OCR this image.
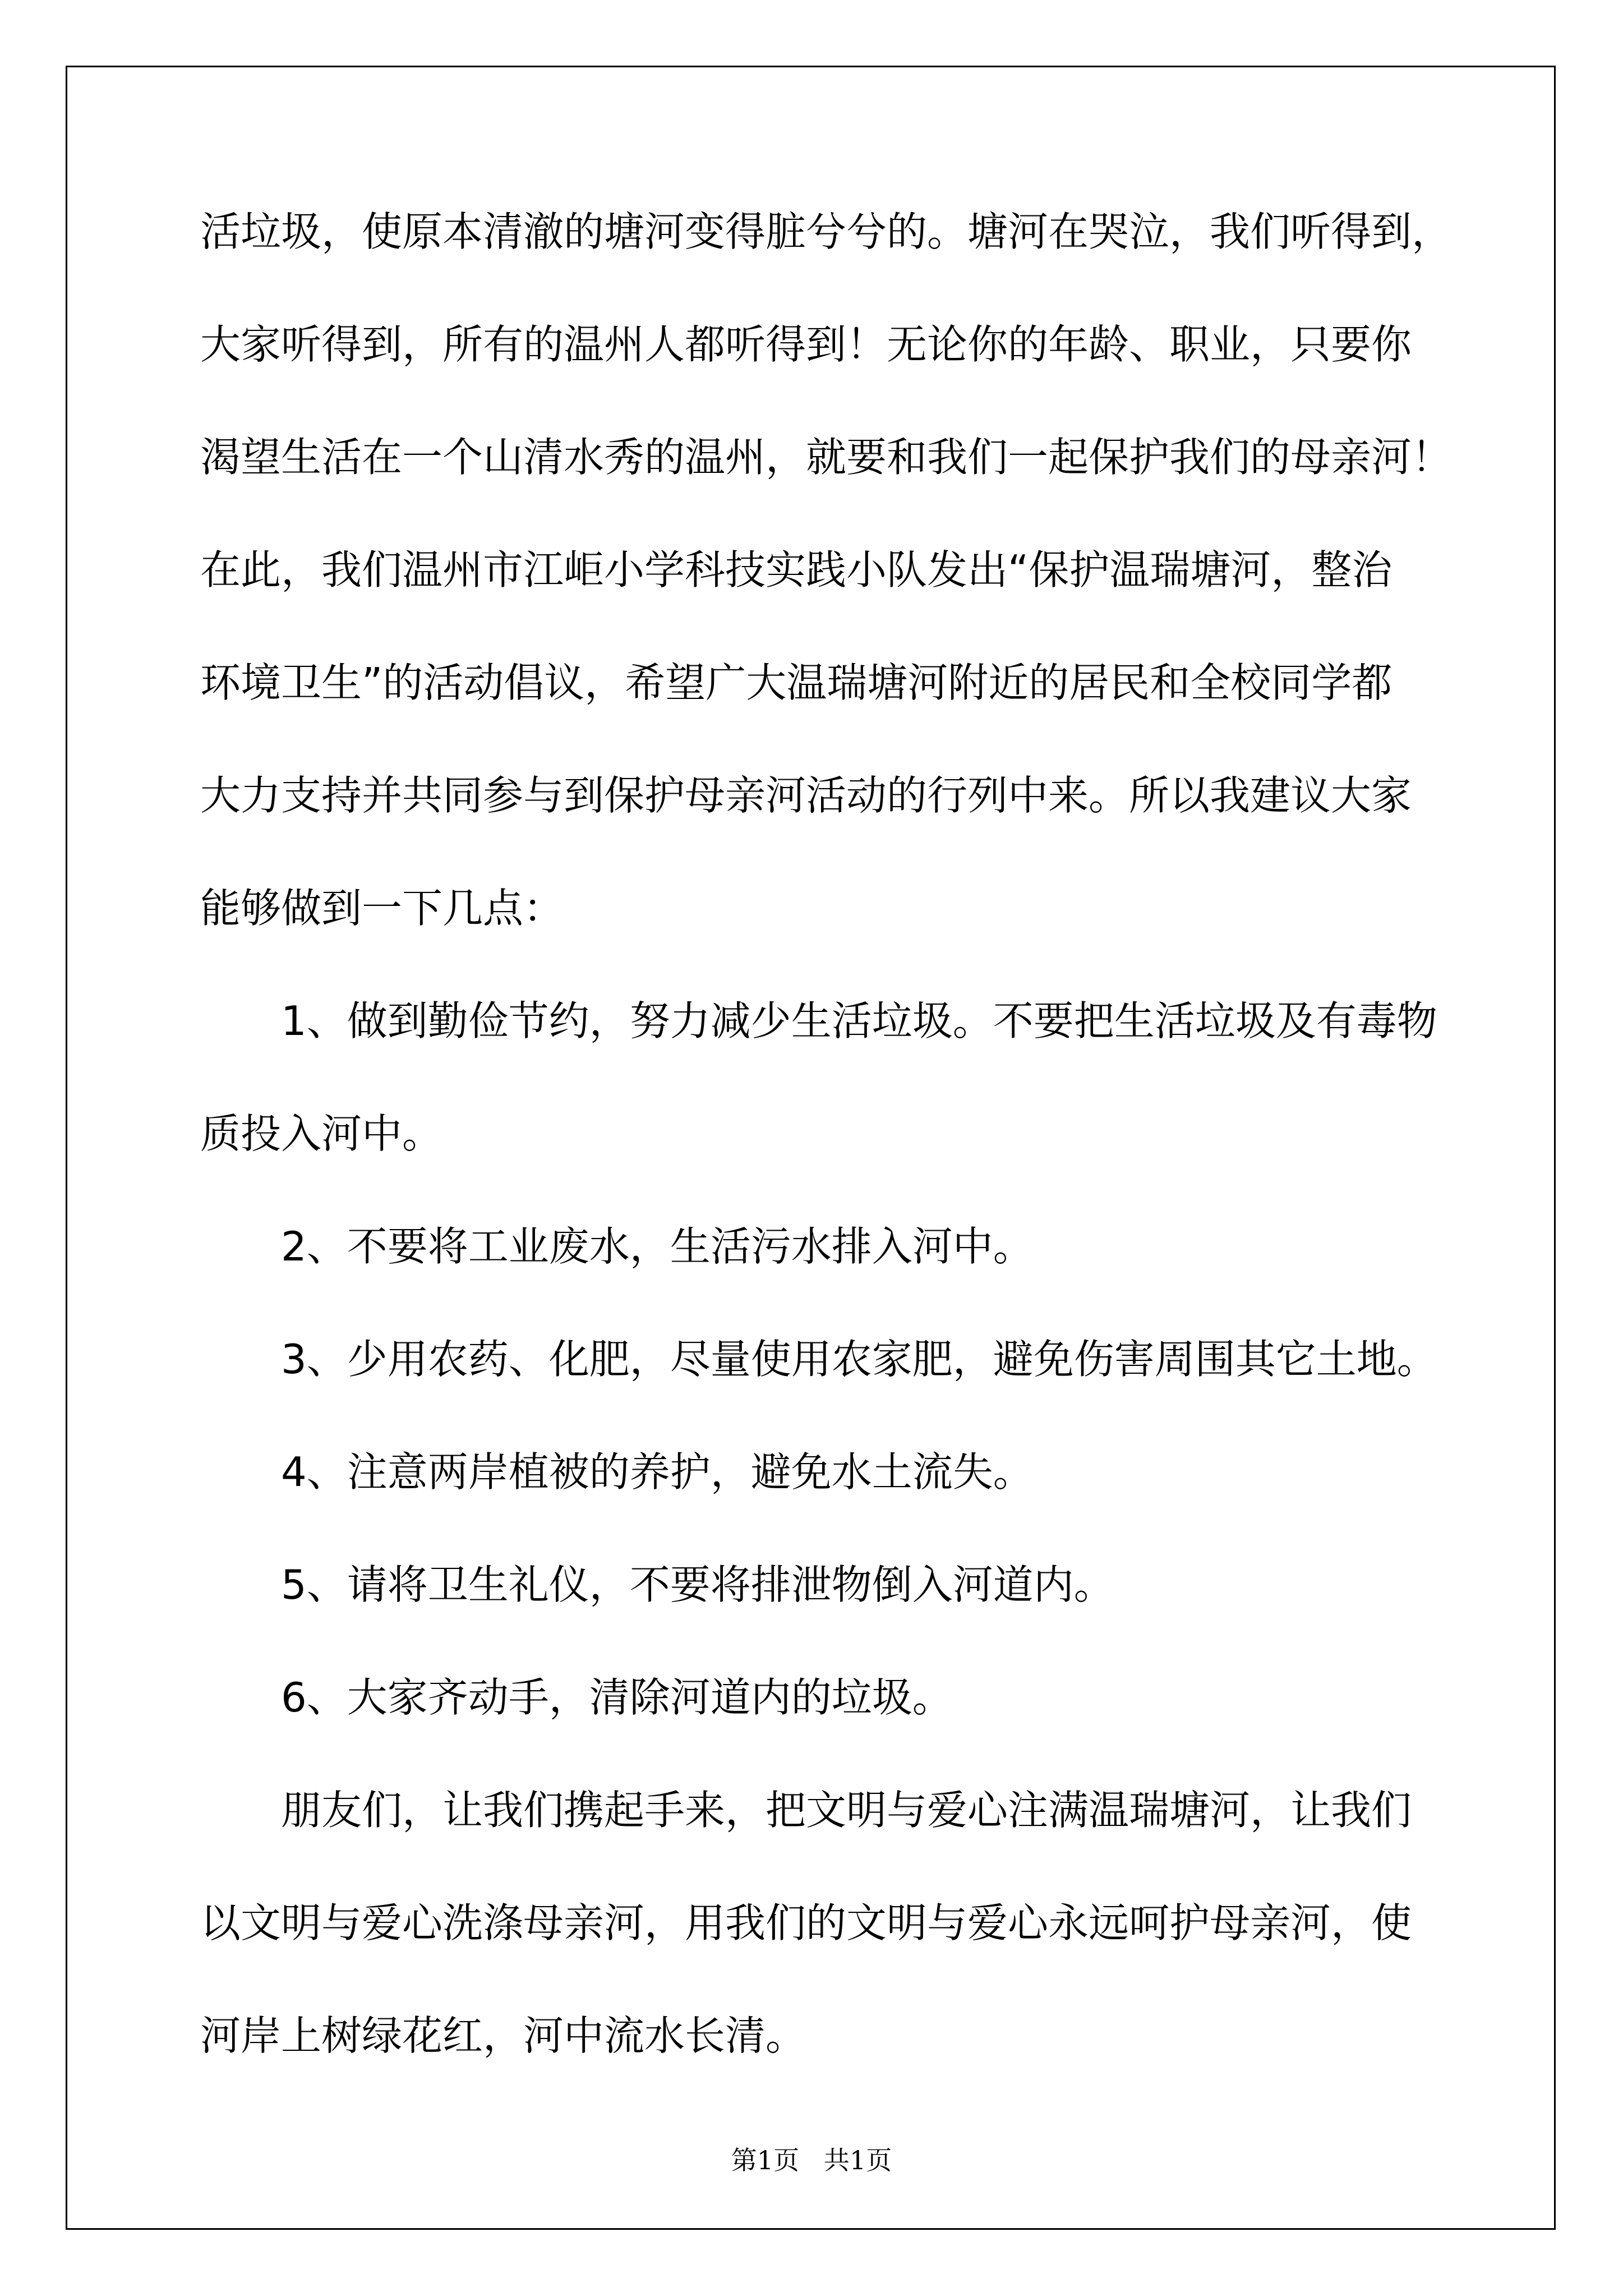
活垃圾，使原本清澈的塘河变得脏兮兮的。塘河在哭泣，我们听得到，
大家听得到，所有的温州人都听得到！无论你的年龄、职业，只要你
渴望生活在一个山清水秀的温州，就要和我们一起保护我们的母亲河！
在此，我们温州市江岠小学科技实践小队发出“保护温瑞塘河，整治
环境卫生”的活动倡议，希望广大温瑞塘河附近的居民和全校同学都
大力支持并共同参与到保护母亲河活动的行列中来。所以我建议大家
能够做到一下几点：
1、做到勤俭节约，努力减少生活垃圾。不要把生活垃圾及有毒物
质投入河中。
2、不要将工业废水，生活污水排入河中。
3、少用农药、化肥，尽量使用农家肥，避免伤害周围其它土地。
4、注意两岸植被的养护，避免水土流失。
5、请将卫生礼仪，不要将排泄物倒入河道内。
6、大家齐动手，清除河道内的垃圾。
朋友们，让我们携起手来，把文明与爱心注满温瑞塘河，让我们
以文明与爱心洗涤母亲河，用我们的文明与爱心永远呵护母亲河，使
河岸上树绿花红，河中流水长清。
第1页   共1页
